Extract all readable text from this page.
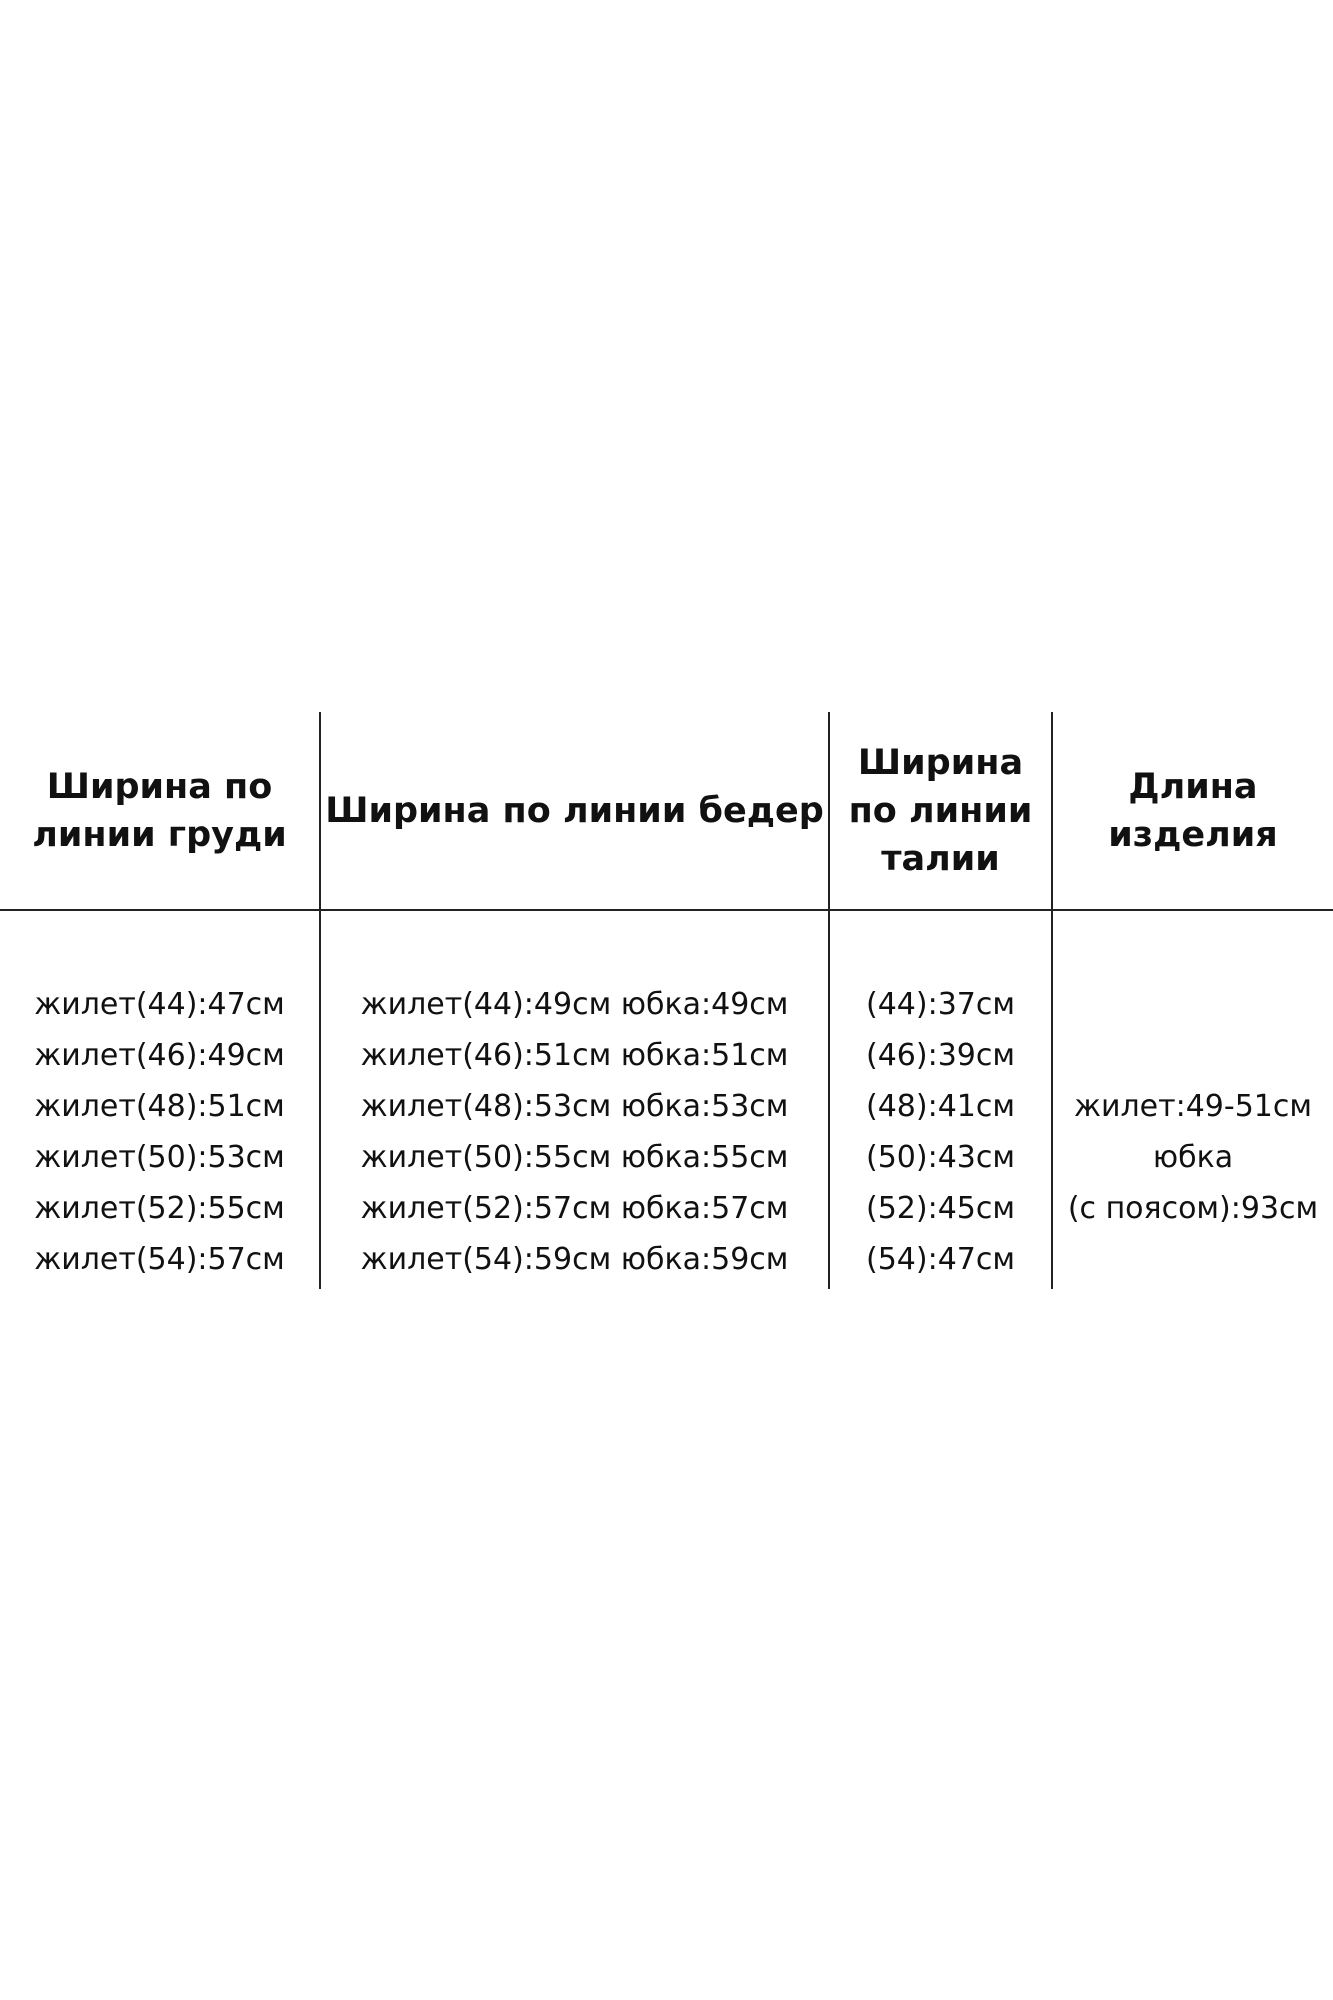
Ширина по
линии груди
жилет(44):47см
жилет(46):49см
жилет(48):51см
жилет(50):53см
жилет(52):55см
жилет(54):57см
Ширина по линии бедер
жилет(44):49см юбка:49см
жилет(46):51см юбка:51см
жилет(48):53см юбка:53см
жилет(50):55см юбка:55см
жилет(52):57см юбка:57см
жилет(54):59см юбка:59см
Ширина
по линии
талии
(44):37см
(46):39см
(48):41см
(50):43см
(52):45см
(54):47см
Длина
изделия
жилет:49-51см
юбка
(с поясом):93см
